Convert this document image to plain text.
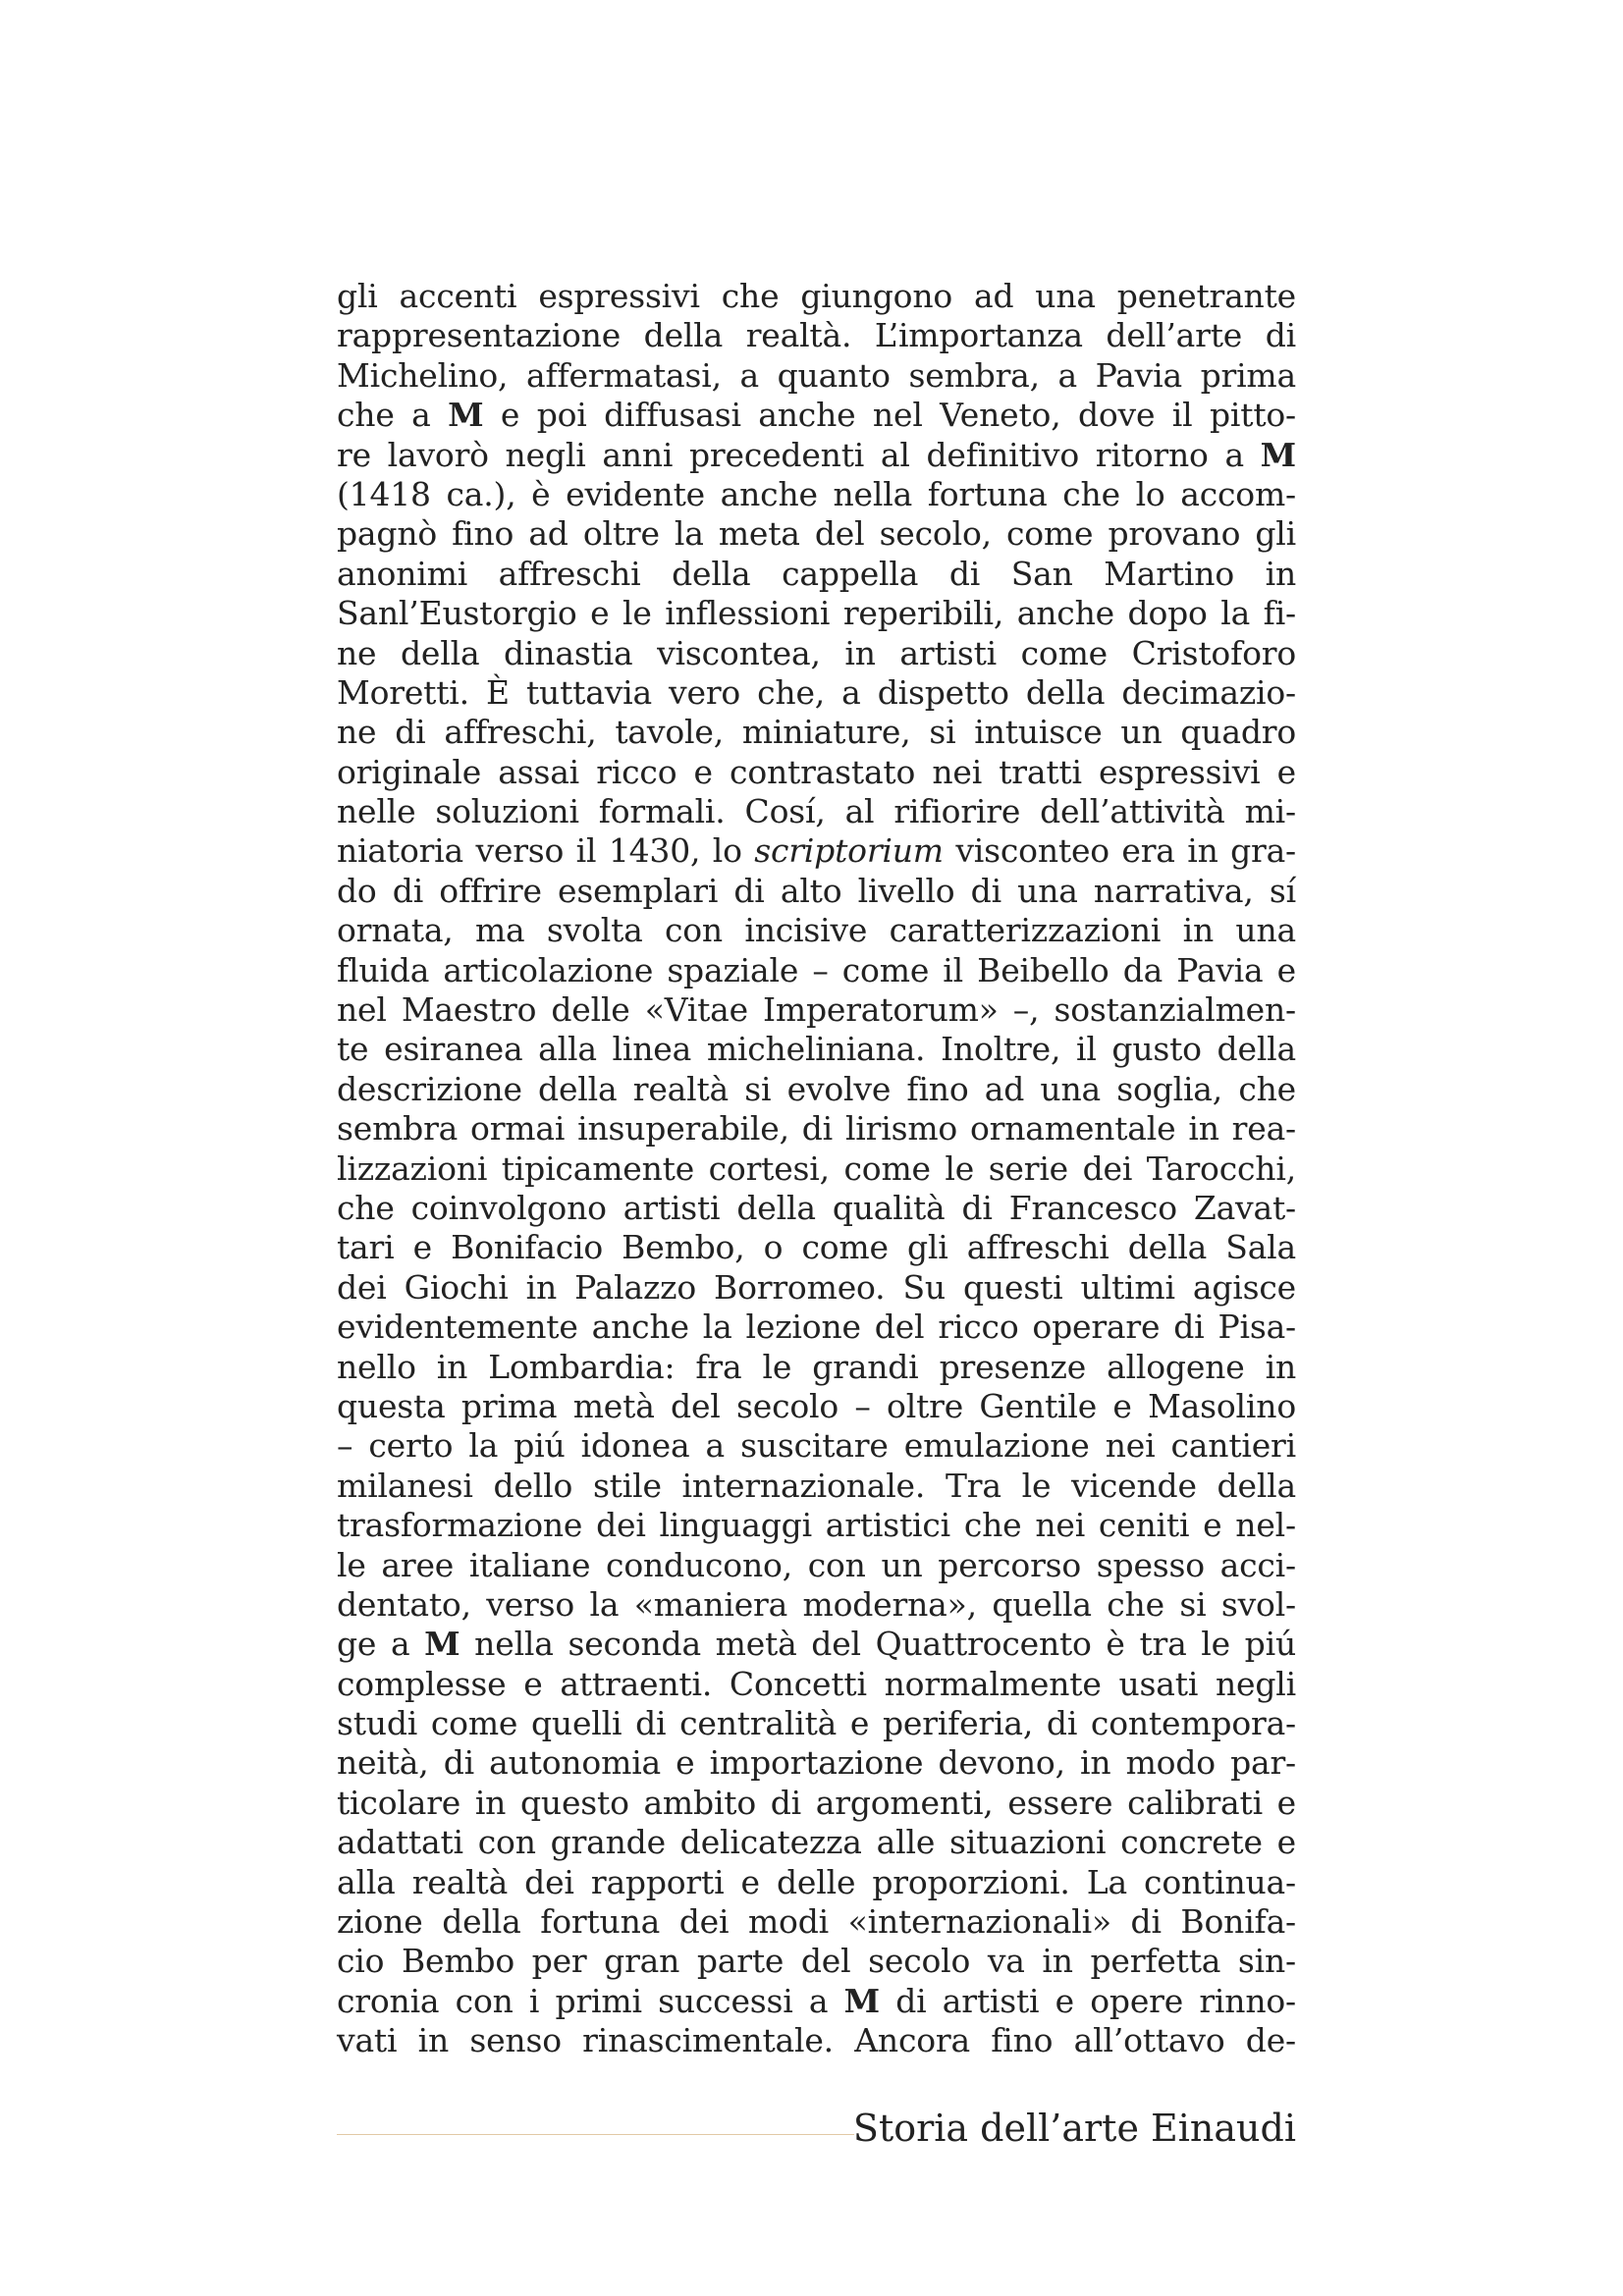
gli accenti espressivi che giungono ad una penetrante
rappresentazione della realtà. L’importanza dell’arte di
Michelino, affermatasi, a quanto sembra, a Pavia prima
che a M e poi diffusasi anche nel Veneto, dove il pitto-
re lavorò negli anni precedenti al definitivo ritorno a M
(1418 ca.), è evidente anche nella fortuna che lo accom-
pagnò fino ad oltre la meta del secolo, come provano gli
anonimi affreschi della cappella di San Martino in
Sanl’Eustorgio e le inflessioni reperibili, anche dopo la fi-
ne della dinastia viscontea, in artisti come Cristoforo
Moretti. È tuttavia vero che, a dispetto della decimazio-
ne di affreschi, tavole, miniature, si intuisce un quadro
originale assai ricco e contrastato nei tratti espressivi e
nelle soluzioni formali. Cosí, al rifiorire dell’attività mi-
niatoria verso il 1430, lo scriptorium visconteo era in gra-
do di offrire esemplari di alto livello di una narrativa, sí
ornata, ma svolta con incisive caratterizzazioni in una
fluida articolazione spaziale – come il Beibello da Pavia e
nel Maestro delle «Vitae Imperatorum» –, sostanzialmen-
te esiranea alla linea micheliniana. Inoltre, il gusto della
descrizione della realtà si evolve fino ad una soglia, che
sembra ormai insuperabile, di lirismo ornamentale in rea-
lizzazioni tipicamente cortesi, come le serie dei Tarocchi,
che coinvolgono artisti della qualità di Francesco Zavat-
tari e Bonifacio Bembo, o come gli affreschi della Sala
dei Giochi in Palazzo Borromeo. Su questi ultimi agisce
evidentemente anche la lezione del ricco operare di Pisa-
nello in Lombardia: fra le grandi presenze allogene in
questa prima metà del secolo – oltre Gentile e Masolino
– certo la piú idonea a suscitare emulazione nei cantieri
milanesi dello stile internazionale. Tra le vicende della
trasformazione dei linguaggi artistici che nei ceniti e nel-
le aree italiane conducono, con un percorso spesso acci-
dentato, verso la «maniera moderna», quella che si svol-
ge a M nella seconda metà del Quattrocento è tra le piú
complesse e attraenti. Concetti normalmente usati negli
studi come quelli di centralità e periferia, di contempora-
neità, di autonomia e importazione devono, in modo par-
ticolare in questo ambito di argomenti, essere calibrati e
adattati con grande delicatezza alle situazioni concrete e
alla realtà dei rapporti e delle proporzioni. La continua-
zione della fortuna dei modi «internazionali» di Bonifa-
cio Bembo per gran parte del secolo va in perfetta sin-
cronia con i primi successi a M di artisti e opere rinno-
vati in senso rinascimentale. Ancora fino all’ottavo de-
Storia dell’arte Einaudi
